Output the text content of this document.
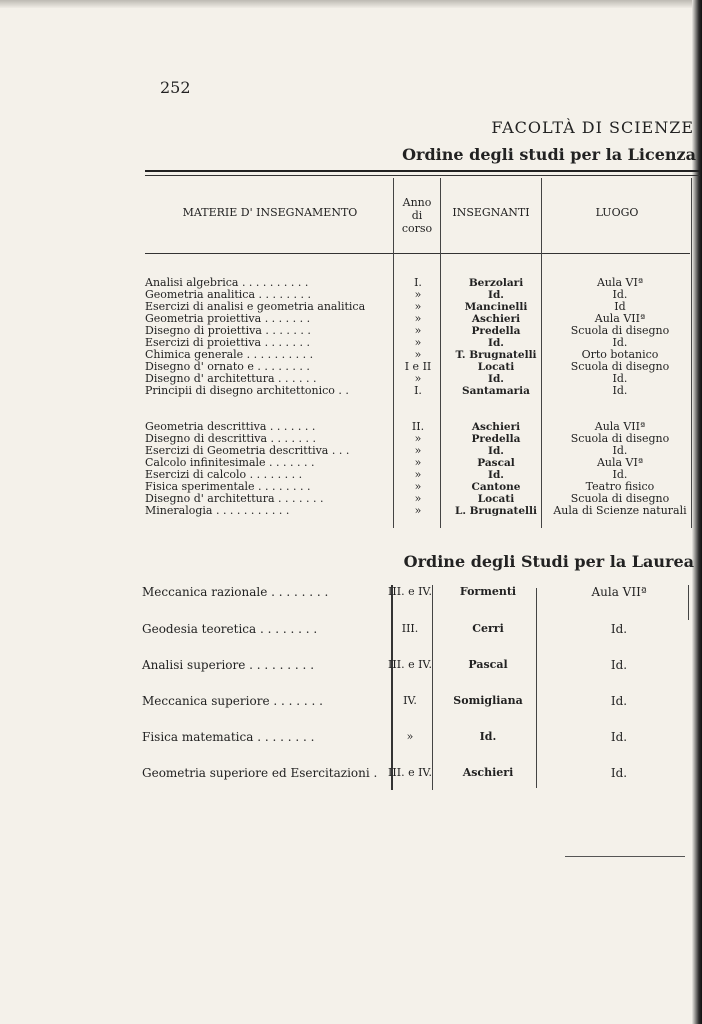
252
FACOLTÀ DI SCIENZE
Ordine degli studi per la Licenza
MATERIE D' INSEGNAMENTO
Anno
di
corso
INSEGNANTI	LUOGO
Analisi algebrica . . . . . . . . . .	I.	Berzolari	Aula VIª
Geometria analitica . . . . . . . .	»	Id.	Id.
Esercizi di analisi e geometria analitica	»	Mancinelli	Id
Geometria proiettiva . . . . . . .	»	Aschieri	Aula VIIª
Disegno di proiettiva . . . . . . .	»	Predella	Scuola di disegno
Esercizi di proiettiva . . . . . . .	»	Id.	Id.
Chimica generale . . . . . . . . . .	»	T. Brugnatelli	Orto botanico
Disegno d' ornato e . . . . . . . .	I e II	Locati	Scuola di disegno
Disegno d' architettura . . . . . .	»	Id.	Id.
Principii di disegno architettonico . .	I.	Santamaria	Id.
Geometria descrittiva . . . . . . .	II.	Aschieri	Aula VIIª
Disegno di descrittiva . . . . . . .	»	Predella	Scuola di disegno
Esercizi di Geometria descrittiva . . .	»	Id.	Id.
Calcolo infinitesimale . . . . . . .	»	Pascal	Aula VIª
Esercizi di calcolo . . . . . . . .	»	Id.	Id.
Fisica sperimentale . . . . . . . .	»	Cantone	Teatro fisico
Disegno d' architettura . . . . . . .	»	Locati	Scuola di disegno
Mineralogia . . . . . . . . . . .	»	L. Brugnatelli	Aula di Scienze naturali
Ordine degli Studi per la Laurea
Meccanica razionale . . . . . . . .	III. e IV.	Formenti	Aula VIIª
Geodesia teoretica . . . . . . . .	III.	Cerri	Id.
Analisi superiore . . . . . . . . .	III. e IV.	Pascal	Id.
Meccanica superiore . . . . . . .	IV.	Somigliana	Id.
Fisica matematica . . . . . . . .	»	Id.	Id.
Geometria superiore ed Esercitazioni . III. e IV.	Aschieri	Id.
